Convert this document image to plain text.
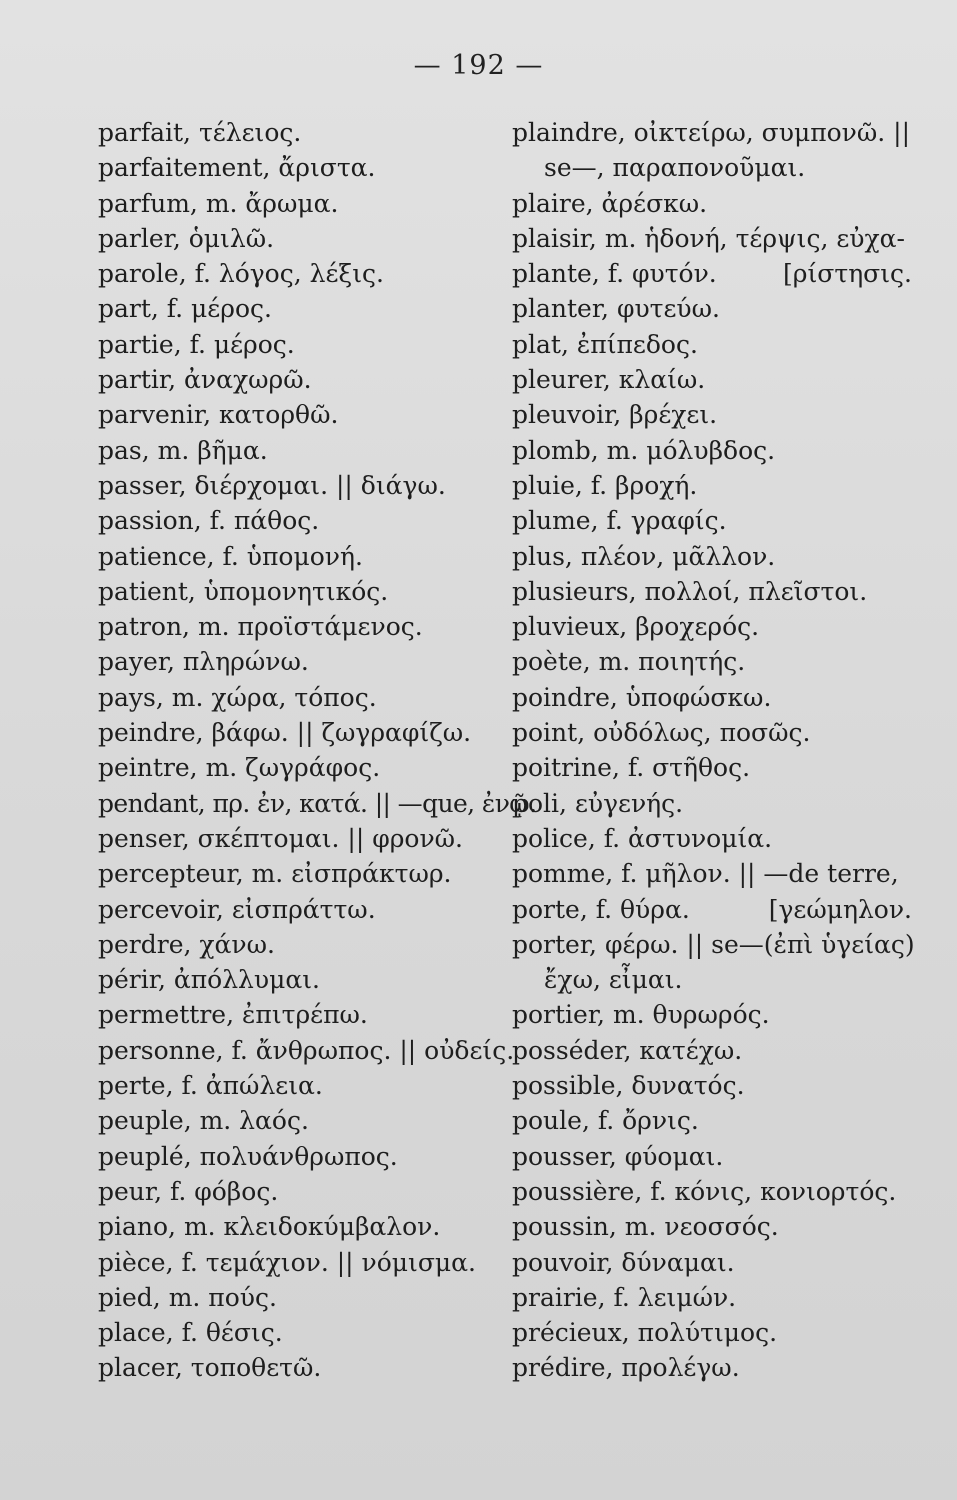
— 192 —
parfait, τέλειος.
parfaitement, ἄριστα.
parfum, m. ἄρωμα.
parler, ὁμιλῶ.
parole, f. λόγος, λέξις.
part, f. μέρος.
partie, f. μέρος.
partir, ἀναχωρῶ.
parvenir, κατορθῶ.
pas, m. βῆμα.
passer, διέρχομαι. || διάγω.
passion, f. πάθος.
patience, f. ὑπομονή.
patient, ὑπομονητικός.
patron, m. προϊστάμενος.
payer, πληρώνω.
pays, m. χώρα, τόπος.
peindre, βάφω. || ζωγραφίζω.
peintre, m. ζωγράφος.
pendant, πρ. ἐν, κατά. || —que, ἐνῷ.
penser, σκέπτομαι. || φρονῶ.
percepteur, m. εἰσπράκτωρ.
percevoir, εἰσπράττω.
perdre, χάνω.
périr, ἀπόλλυμαι.
permettre, ἐπιτρέπω.
personne, f. ἄνθρωπος. || οὐδείς.
perte, f. ἀπώλεια.
peuple, m. λαός.
peuplé, πολυάνθρωπος.
peur, f. φόβος.
piano, m. κλειδοκύμβαλον.
pièce, f. τεμάχιον. || νόμισμα.
pied, m. πούς.
place, f. θέσις.
placer, τοποθετῶ.
plaindre, οἰκτείρω, συμπονῶ. ||
se—, παραπονοῦμαι.
plaire, ἀρέσκω.
plaisir, m. ἡδονή, τέρψις, εὐχα-
plante, f. φυτόν.	[ρίστησις.
planter, φυτεύω.
plat, ἐπίπεδος.
pleurer, κλαίω.
pleuvoir, βρέχει.
plomb, m. μόλυβδος.
pluie, f. βροχή.
plume, f. γραφίς.
plus, πλέον, μᾶλλον.
plusieurs, πολλοί, πλεῖστοι.
pluvieux, βροχερός.
poète, m. ποιητής.
poindre, ὑποφώσκω.
point, οὐδόλως, ποσῶς.
poitrine, f. στῆθος.
poli, εὐγενής.
police, f. ἀστυνομία.
pomme, f. μῆλον. || —de terre,
porte, f. θύρα.	[γεώμηλον.
porter, φέρω. || se—(ἐπὶ ὑγείας)
ἔχω, εἶμαι.
portier, m. θυρωρός.
posséder, κατέχω.
possible, δυνατός.
poule, f. ὄρνις.
pousser, φύομαι.
poussière, f. κόνις, κονιορτός.
poussin, m. νεοσσός.
pouvoir, δύναμαι.
prairie, f. λειμών.
précieux, πολύτιμος.
prédire, προλέγω.
